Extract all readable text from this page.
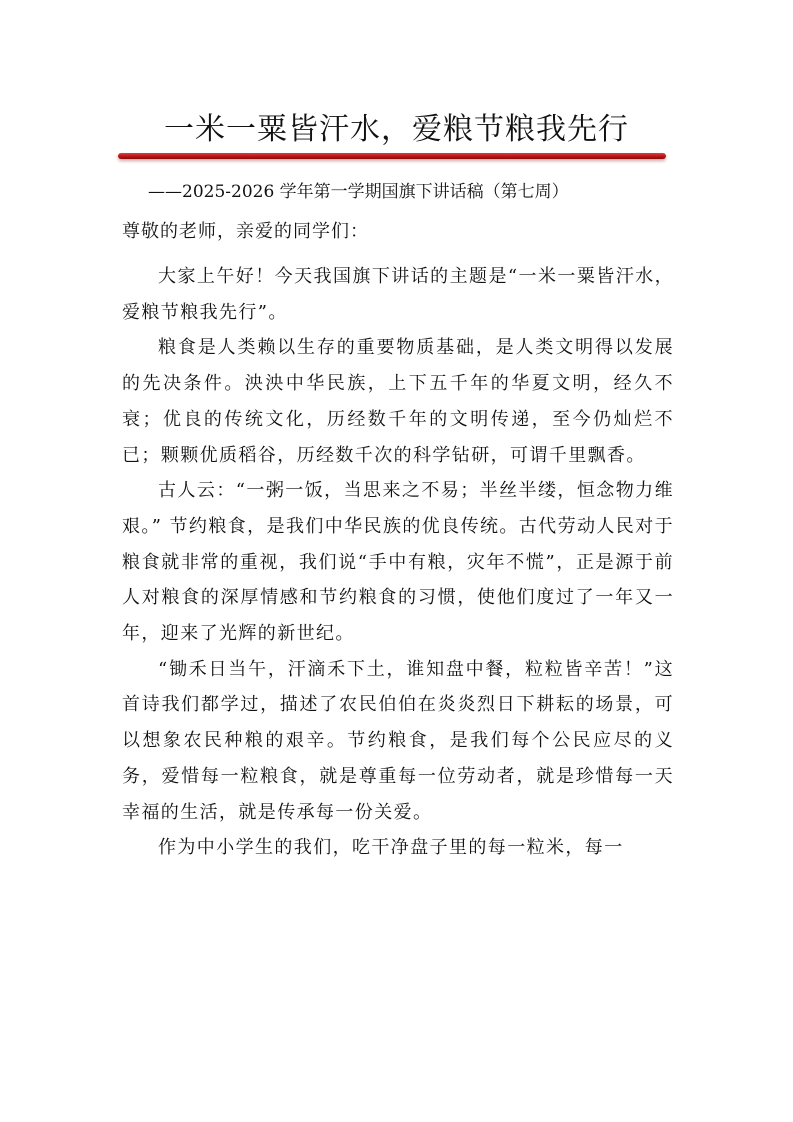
一米一粟皆汗水，爱粮节粮我先行

——2025-2026 学年第一学期国旗下讲话稿（第七周）

尊敬的老师，亲爱的同学们：

大家上午好！今天我国旗下讲话的主题是“一米一粟皆汗水，爱粮节粮我先行”。

粮食是人类赖以生存的重要物质基础，是人类文明得以发展的先决条件。泱泱中华民族，上下五千年的华夏文明，经久不衰；优良的传统文化，历经数千年的文明传递，至今仍灿烂不已；颗颗优质稻谷，历经数千次的科学钻研，可谓千里飘香。

古人云：“一粥一饭，当思来之不易；半丝半缕，恒念物力维艰。” 节约粮食，是我们中华民族的优良传统。古代劳动人民对于粮食就非常的重视，我们说“手中有粮，灾年不慌”，正是源于前人对粮食的深厚情感和节约粮食的习惯，使他们度过了一年又一年，迎来了光辉的新世纪。

“锄禾日当午，汗滴禾下土，谁知盘中餐，粒粒皆辛苦！”这首诗我们都学过，描述了农民伯伯在炎炎烈日下耕耘的场景，可以想象农民种粮的艰辛。节约粮食，是我们每个公民应尽的义务，爱惜每一粒粮食，就是尊重每一位劳动者，就是珍惜每一天幸福的生活，就是传承每一份关爱。

作为中小学生的我们，吃干净盘子里的每一粒米，每一
